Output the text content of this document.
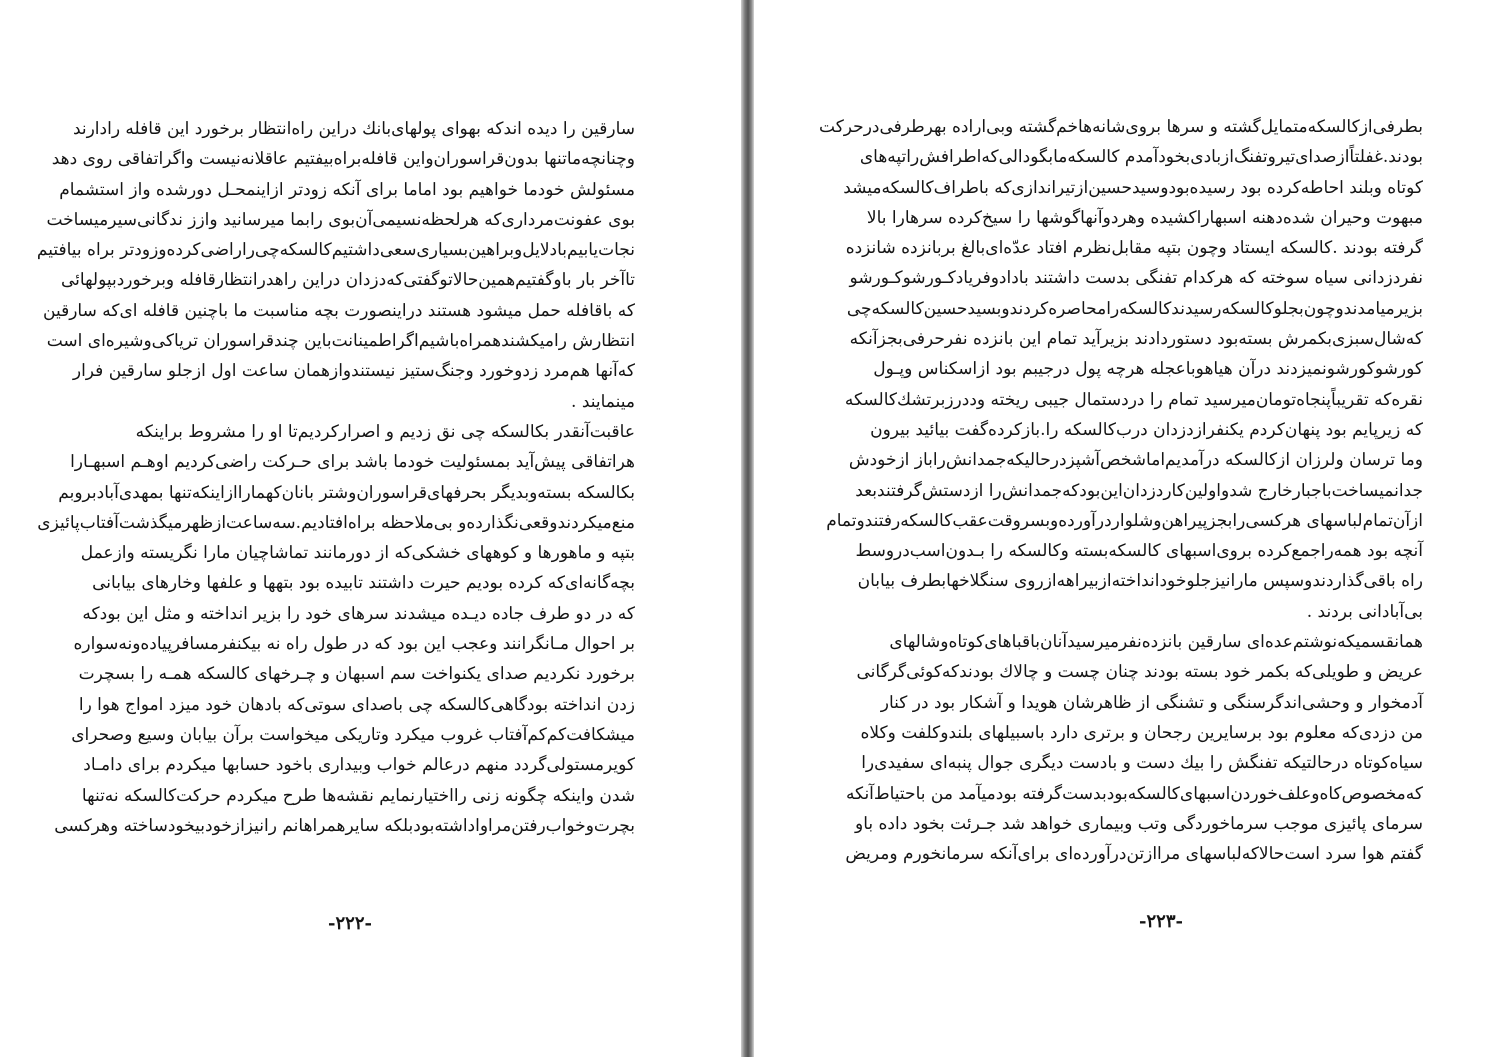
سارقین را دیده اندکه بهوای پولهای‌بانك دراین راه‌انتظار برخورد این قافله رادارند
وچنانچه‌ماتنها بدون‌قراسوران‌واین قافله‌براه‌بیفتیم عاقلانه‌نیست واگراتفاقی روی دهد
مسئولش خودما خواهیم بود اماما برای آنکه زودتر ازاینمحـل دورشده واز استشمام
بوی عفونت‌مرداری‌که هرلحظه‌نسیمی‌آن‌بوی رابما میرسانید وازز ندگانی‌سیرمیساخت
نجات‌یابیم‌بادلایل‌وبراهین‌بسیاری‌سعی‌داشتیم‌کالسکه‌چی‌راراضی‌کرده‌وزودتر براه بیافتیم
تاآخر بار باوگفتیم‌همین‌حالاتوگفتی‌که‌دزدان دراین راهدرانتظارقافله وبرخوردبپولهائی
که باقافله حمل میشود هستند دراینصورت بچه مناسبت ما باچنین قافله ای‌که سارقین
انتظارش رامیکشندهمراه‌باشیم‌اگراطمینانت‌باین چندقراسوران تریاکی‌وشیره‌ای است
که‌آنها هم‌مرد زدوخورد وجنگ‌ستیز نیستندوازهمان ساعت اول ازجلو سارقین فرار
مینمایند .
عاقبت‌آنقدر بکالسکه چی نق زدیم و اصرارکردیم‌تا او را مشروط براینکه
هراتفاقی پیش‌آید بمسئولیت خودما باشد برای حـرکت راضی‌کردیم اوهـم اسبهـارا
بکالسکه بسته‌وبدیگر بحرفهای‌قراسوران‌وشتر بانان‌کهمارا‌ازاینکه‌تنها بمهدی‌آباد‌بروبم
منع‌میکردند‌وقعی‌نگذارده‌و بی‌ملاحظه براه‌افتادیم.سه‌ساعت‌ازظهرمیگذشت‌آفتاب‌پائیزی
بتپه و ماهورها و کوههای خشکی‌که از دورمانند تماشاچیان مارا نگریسته وازعمل
بچه‌گانه‌ای‌که کرده بودیم حیرت داشتند تابیده بود بتهها و علفها وخارهای بیابانی
که در دو طرف جاده دیـده میشدند سرهای خود را بزیر انداخته و مثل این بودکه
بر احوال مـانگرانند وعجب این بود که در طول راه نه بیکنفرمسافرپیاده‌ونه‌سواره
برخورد نکردیم صدای یکنواخت سم اسبهان و چـرخهای کالسکه همـه را بسچرت
زدن انداخته بودگاهی‌کالسکه چی باصدای سوتی‌که بادهان خود میزد امواج هوا را
میشکافت‌کم‌کم‌آفتاب غروب میکرد وتاریکی میخواست برآن بیابان وسیع وصحرای
کویرمستولی‌گردد منهم درعالم خواب وبیداری باخود حسابها میکردم برای دامـاد
شدن واینکه چگونه زنی رااختیارنمایم نقشه‌ها طرح میکردم حرکت‌کالسکه نه‌تنها
بچرت‌وخواب‌رفتن‌مراواداشته‌بودبلکه سایرهمراهانم رانیزازخودبیخودساخته وهرکسی
-۲۲۲-
بطرفی‌ازکالسکه‌متمایل‌گشته و سرها بروی‌شانه‌هاخم‌گشته وبی‌اراده بهرطرفی‌درحرکت
بودند.غفلتاًازصدای‌تیروتفنگ‌ازبادی‌بخودآمدم کالسکه‌مابگودالی‌که‌اطرافش‌راتپه‌های
کوتاه وبلند احاطه‌کرده بود رسیده‌بودوسیدحسین‌ازتیراندازی‌که باطراف‌کالسکه‌میشد
مبهوت وحیران شده‌دهنه اسبهارا‌کشیده وهردوآنهاگوشها را سیخ‌کرده سرهارا بالا
گرفته بودند .کالسکه ایستاد وچون بتپه مقابل‌نظرم افتاد عدّه‌ای‌بالغ بربانزده شانزده
نفردزدانی سیاه سوخته که هرکدام تفنگی بدست داشتند بادادوفریادکـورشوکـورشو
بزیرمیامدندوچون‌بجلوکالسکه‌رسیدندکالسکه‌رامحاصره‌کردندوبسیدحسین‌کالسکه‌چی
که‌شال‌سبزی‌بکمرش بسته‌بود دستوردادند بزیرآید تمام این بانزده نفرحرفی‌بجزآنکه
کورشوکورشونمیزدند درآن هیاهوباعجله هرچه پول درجیبم بود ازاسکناس وپـول
نقره‌که تقریباً‌پنجاه‌تومان‌میرسید تمام را دردستمال جیبی ریخته وددرزبرتشك‌کالسکه
که زیرپایم بود پنهان‌کردم یکنفرازدزدان درب‌کالسکه را.بازکرده‌گفت بیائید بیرون
وما ترسان ولرزان ازکالسکه درآمدیم‌اماشخص‌آشپزدرحالیکه‌جمدانش‌را‌باز ازخودش
جدانمیساخت‌باجبارخارج شدواولین‌کاردزدان‌این‌بودکه‌جمدانش‌را ازدستش‌گرفتندبعد
ازآن‌تمام‌لباسهای هرکسی‌رابجزپیراهن‌وشلواردرآورده‌وبسروقت‌عقب‌کالسکه‌رفتندوتمام
آنچه بود همه‌راجمع‌کرده بروی‌اسبهای کالسکه‌بسته وکالسکه را بـدون‌اسب‌دروسط
راه باقی‌گذاردندوسپس مارانیزجلوخودانداخته‌ازبیراهه‌ازروی سنگلاخها‌بطرف بیابان
بی‌آبادانی بردند .
همانقسمیکه‌نوشتم‌عده‌ای سارقین بانزده‌نفرمیرسیدآنان‌باقباهای‌کوتاه‌وشالهای
عریض و طویلی‌که بکمر خود بسته بودند چنان چست و چالاك بودندکه‌کوئی‌گرگانی
آدمخوار و وحشی‌اندگرسنگی و تشنگی از ظاهرشان هویدا و آشکار بود در کنار
من دزدی‌که معلوم بود برسایرین رجحان و برتری دارد باسبیلهای بلندوکلفت وکلاه
سیاه‌کوتاه درحالتیکه تفنگش را بیك دست و بادست دیگری جوال پنبه‌ای سفیدی‌را
که‌مخصوص‌کاه‌وعلف‌خوردن‌اسبهای‌کالسکه‌بودبدست‌گرفته بودمیآمد من باحتیاط‌آنکه
سرمای پائیزی موجب سرماخوردگی وتب وبیماری خواهد شد جـرئت بخود داده باو
گفتم هوا سرد است‌حالاکه‌لباسهای مراازتن‌درآورده‌ای برای‌آنکه سرمانخورم ومریض
-۲۲۳-
